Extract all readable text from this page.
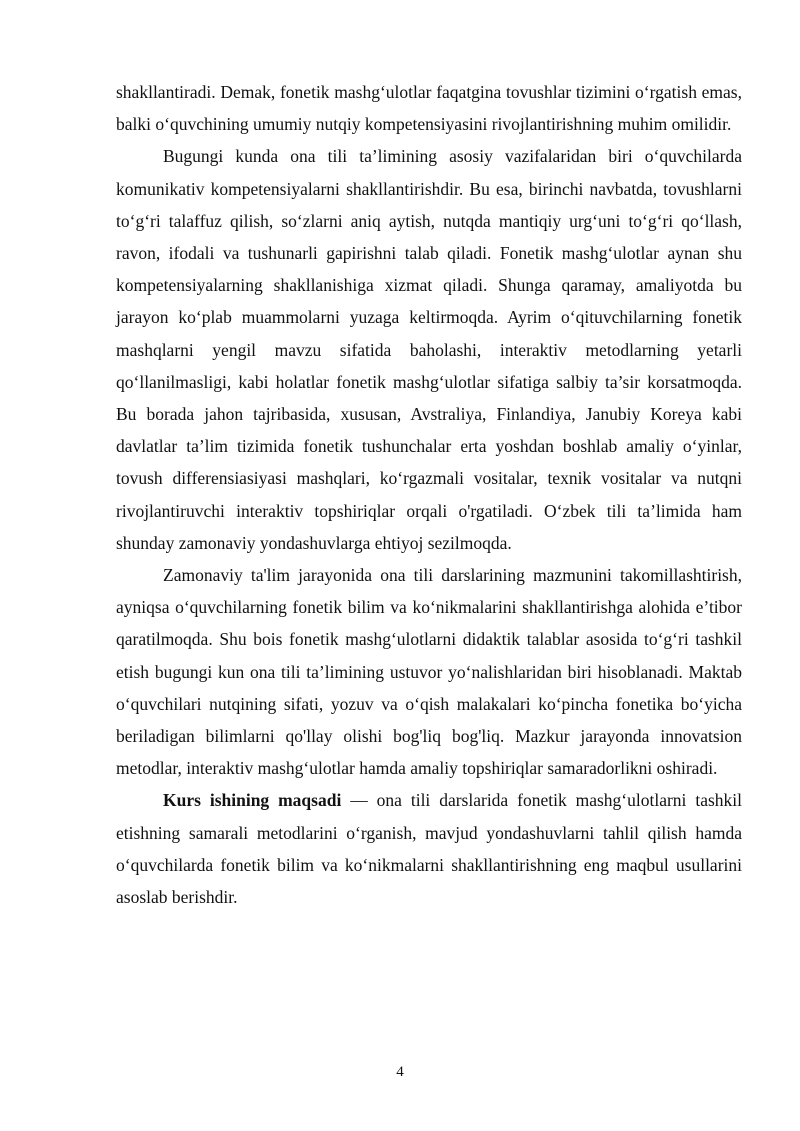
shakllantiradi. Demak, fonetik mashg‘ulotlar faqatgina tovushlar tizimini o‘rgatish emas, balki o‘quvchining umumiy nutqiy kompetensiyasini rivojlantirishning muhim omilidir.

Bugungi kunda ona tili ta’limining asosiy vazifalaridan biri o‘quvchilarda komunikativ kompetensiyalarni shakllantirishdir. Bu esa, birinchi navbatda, tovushlarni to‘g‘ri talaffuz qilish, so‘zlarni aniq aytish, nutqda mantiqiy urg‘uni to‘g‘ri qo‘llash, ravon, ifodali va tushunarli gapirishni talab qiladi. Fonetik mashg‘ulotlar aynan shu kompetensiyalarning shakllanishiga xizmat qiladi. Shunga qaramay, amaliyotda bu jarayon ko‘plab muammolarni yuzaga keltirmoqda. Ayrim o‘qituvchilarning fonetik mashqlarni yengil mavzu sifatida baholashi, interaktiv metodlarning yetarli qo‘llanilmasligi, kabi holatlar fonetik mashg‘ulotlar sifatiga salbiy ta’sir korsatmoqda. Bu borada jahon tajribasida, xususan, Avstraliya, Finlandiya, Janubiy Koreya kabi davlatlar ta’lim tizimida fonetik tushunchalar erta yoshdan boshlab amaliy o‘yinlar, tovush differensiasiyasi mashqlari, ko‘rgazmali vositalar, texnik vositalar va nutqni rivojlantiruvchi interaktiv topshiriqlar orqali o'rgatiladi. O‘zbek tili ta’limida ham shunday zamonaviy yondashuvlarga ehtiyoj sezilmoqda.

Zamonaviy ta'lim jarayonida ona tili darslarining mazmunini takomillashtirish, ayniqsa o‘quvchilarning fonetik bilim va ko‘nikmalarini shakllantirishga alohida e’tibor qaratilmoqda. Shu bois fonetik mashg‘ulotlarni didaktik talablar asosida to‘g‘ri tashkil etish bugungi kun ona tili ta’limining ustuvor yo‘nalishlaridan biri hisoblanadi. Maktab o‘quvchilari nutqining sifati, yozuv va o‘qish malakalari ko‘pincha fonetika bo‘yicha beriladigan bilimlarni qo'llay olishi bog'liq bog'liq. Mazkur jarayonda innovatsion metodlar, interaktiv mashg‘ulotlar hamda amaliy topshiriqlar samaradorlikni oshiradi.

Kurs ishining maqsadi — ona tili darslarida fonetik mashg‘ulotlarni tashkil etishning samarali metodlarini o‘rganish, mavjud yondashuvlarni tahlil qilish hamda o‘quvchilarda fonetik bilim va ko‘nikmalarni shakllantirishning eng maqbul usullarini asoslab berishdir.

4
